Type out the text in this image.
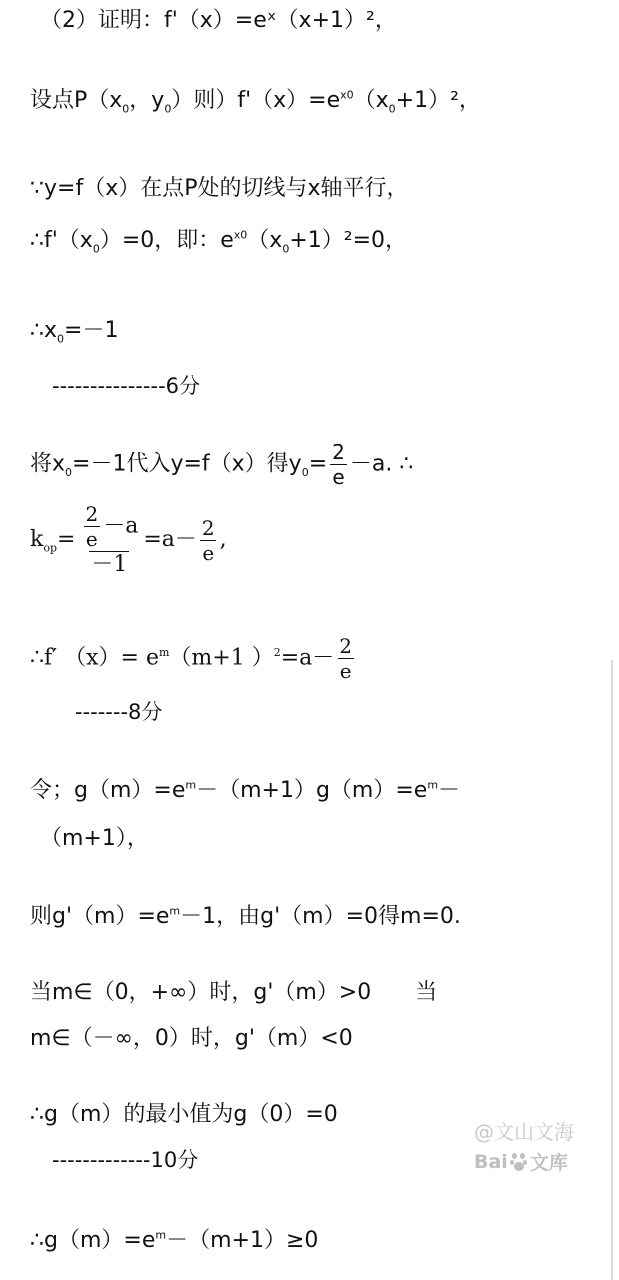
（2）证明：f'（x）=eˣ（x+1）²，
设点$P(x_0$，$y_0$）则）$f'(x)=e^{x0}(x_0+1)^2$，
∵y=f（x）在点P处的切线与x轴平行，
$\therefore f'(x_0)=0$，即：$e^{x0}(x_0+1)^2=0$，
$\therefore x_0=-1$
---------------6分
将$x_0=-1$代入y=f（x）得$y_0= \frac{2}{e} -a$. ∴
$k_{op}= \frac{\frac{2}{e} -a}{-1} =a- \frac{2}{e}$ ,
∴f′ $(x)= e^m(m+1$ ）$^2=a- \frac{2}{e}$
-------8分
令；$g(m)=e^m-(m+1)g(m)=e^m-$
（m+1），
则$g'(m)=e^m-1$，由g'（m）=0得m=0.
当m∈（0，+∞）时，g'（m）>0　　当
m∈（－∞，0）时，g'（m）<0
∴g（m）的最小值为g（0）=0
-------------10分
$\therefore g(m)=e^m-(m+1)\ge 0$
@文山文海
Bai 文库
